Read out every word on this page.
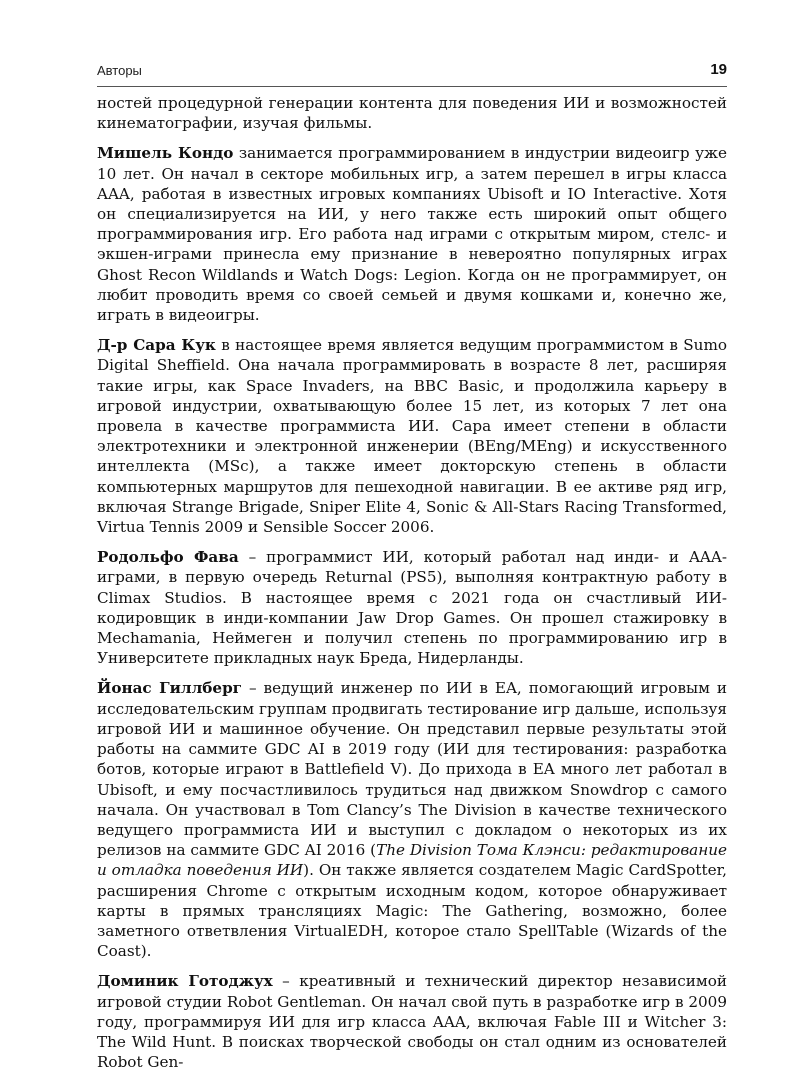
Авторы	19

ностей процедурной генерации контента для поведения ИИ и возможностей кинематографии, изучая фильмы.

Мишель Кондо занимается программированием в индустрии видеоигр уже 10 лет. Он начал в секторе мобильных игр, а затем перешел в игры класса AAA, работая в известных игровых компаниях Ubisoft и IO Interactive. Хотя он специализируется на ИИ, у него также есть широкий опыт общего программирования игр. Его работа над играми с открытым миром, стелс- и экшен-играми принесла ему признание в невероятно популярных играх Ghost Recon Wildlands и Watch Dogs: Legion. Когда он не программирует, он любит проводить время со своей семьей и двумя кошками и, конечно же, играть в видеоигры.

Д-р Сара Кук в настоящее время является ведущим программистом в Sumo Digital Sheffield. Она начала программировать в возрасте 8 лет, расширяя такие игры, как Space Invaders, на BBC Basic, и продолжила карьеру в игровой индустрии, охватывающую более 15 лет, из которых 7 лет она провела в качестве программиста ИИ. Сара имеет степени в области электротехники и электронной инженерии (BEng/MEng) и искусственного интеллекта (MSc), а также имеет докторскую степень в области компьютерных маршрутов для пешеходной навигации. В ее активе ряд игр, включая Strange Brigade, Sniper Elite 4, Sonic & All-Stars Racing Transformed, Virtua Tennis 2009 и Sensible Soccer 2006.

Родольфо Фава – программист ИИ, который работал над инди- и AAA-играми, в первую очередь Returnal (PS5), выполняя контрактную работу в Climax Studios. В настоящее время с 2021 года он счастливый ИИ-кодировщик в инди-компании Jaw Drop Games. Он прошел стажировку в Mechamania, Неймеген и получил степень по программированию игр в Университете прикладных наук Бреда, Нидерланды.

Йонас Гиллберг – ведущий инженер по ИИ в EA, помогающий игровым и исследовательским группам продвигать тестирование игр дальше, используя игровой ИИ и машинное обучение. Он представил первые результаты этой работы на саммите GDC AI в 2019 году (ИИ для тестирования: разработка ботов, которые играют в Battlefield V). До прихода в EA много лет работал в Ubisoft, и ему посчастливилось трудиться над движком Snowdrop с самого начала. Он участвовал в Tom Clancy’s The Division в качестве технического ведущего программиста ИИ и выступил с докладом о некоторых из их релизов на саммите GDC AI 2016 (The Division Тома Клэнси: редактирование и отладка поведения ИИ). Он также является создателем Magic CardSpotter, расширения Chrome с открытым исходным кодом, которое обнаруживает карты в прямых трансляциях Magic: The Gathering, возможно, более заметного ответвления VirtualEDH, которое стало SpellTable (Wizards of the Coast).

Доминик Готоджух – креативный и технический директор независимой игровой студии Robot Gentleman. Он начал свой путь в разработке игр в 2009 году, программируя ИИ для игр класса AAA, включая Fable III и Witcher 3: The Wild Hunt. В поисках творческой свободы он стал одним из основателей Robot Gen-
